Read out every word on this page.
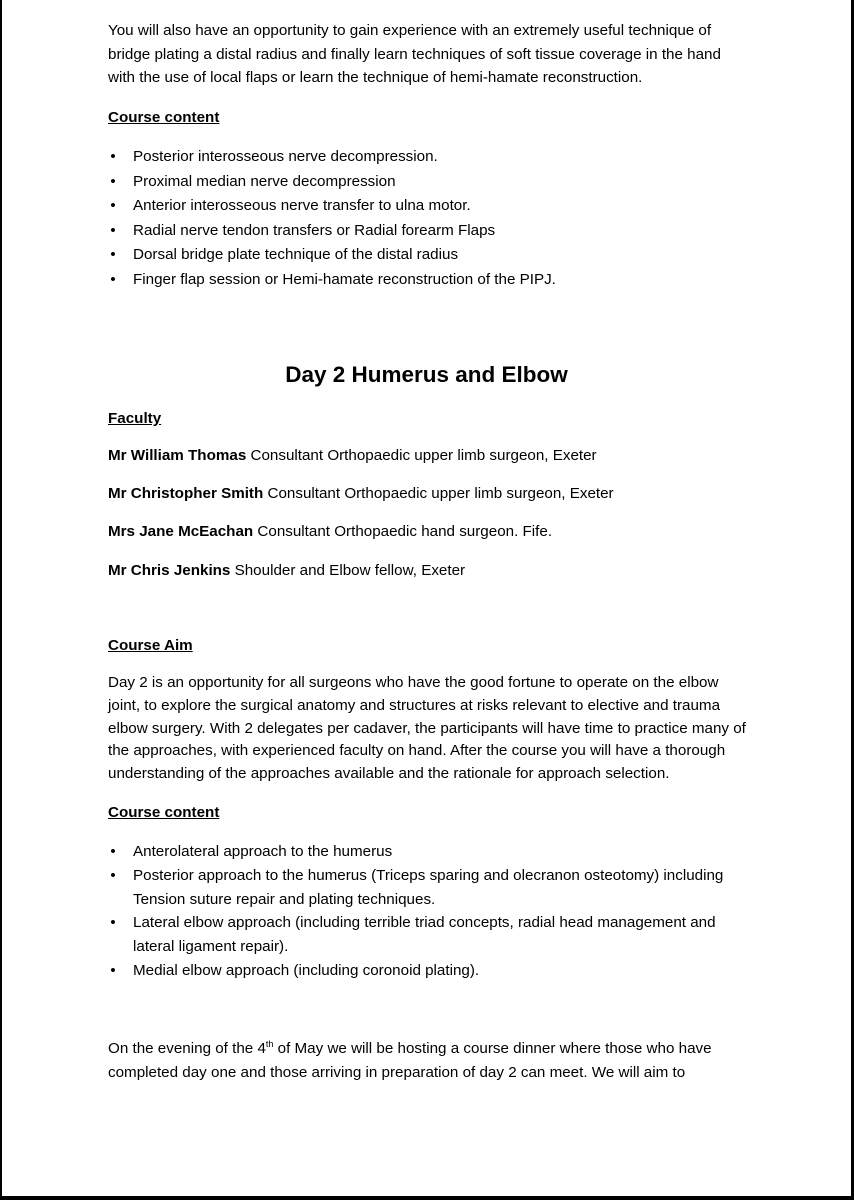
You will also have an opportunity to gain experience with an extremely useful technique of
bridge plating a distal radius and finally learn techniques of soft tissue coverage in the hand
with the use of local flaps or learn the technique of hemi-hamate reconstruction.
Course content
• Posterior interosseous nerve decompression.
• Proximal median nerve decompression
• Anterior interosseous nerve transfer to ulna motor.
• Radial nerve tendon transfers or Radial forearm Flaps
• Dorsal bridge plate technique of the distal radius
• Finger flap session or Hemi-hamate reconstruction of the PIPJ.
Day 2 Humerus and Elbow
Faculty
Mr William Thomas Consultant Orthopaedic upper limb surgeon, Exeter
Mr Christopher Smith Consultant Orthopaedic upper limb surgeon, Exeter
Mrs Jane McEachan Consultant Orthopaedic hand surgeon. Fife.
Mr Chris Jenkins Shoulder and Elbow fellow, Exeter
Course Aim
Day 2 is an opportunity for all surgeons who have the good fortune to operate on the elbow
joint, to explore the surgical anatomy and structures at risks relevant to elective and trauma
elbow surgery. With 2 delegates per cadaver, the participants will have time to practice many of
the approaches, with experienced faculty on hand. After the course you will have a thorough
understanding of the approaches available and the rationale for approach selection.
Course content
• Anterolateral approach to the humerus
• Posterior approach to the humerus (Triceps sparing and olecranon osteotomy) including
Tension suture repair and plating techniques.
• Lateral elbow approach (including terrible triad concepts, radial head management and
lateral ligament repair).
• Medial elbow approach (including coronoid plating).
On the evening of the 4th of May we will be hosting a course dinner where those who have
completed day one and those arriving in preparation of day 2 can meet. We will aim to
